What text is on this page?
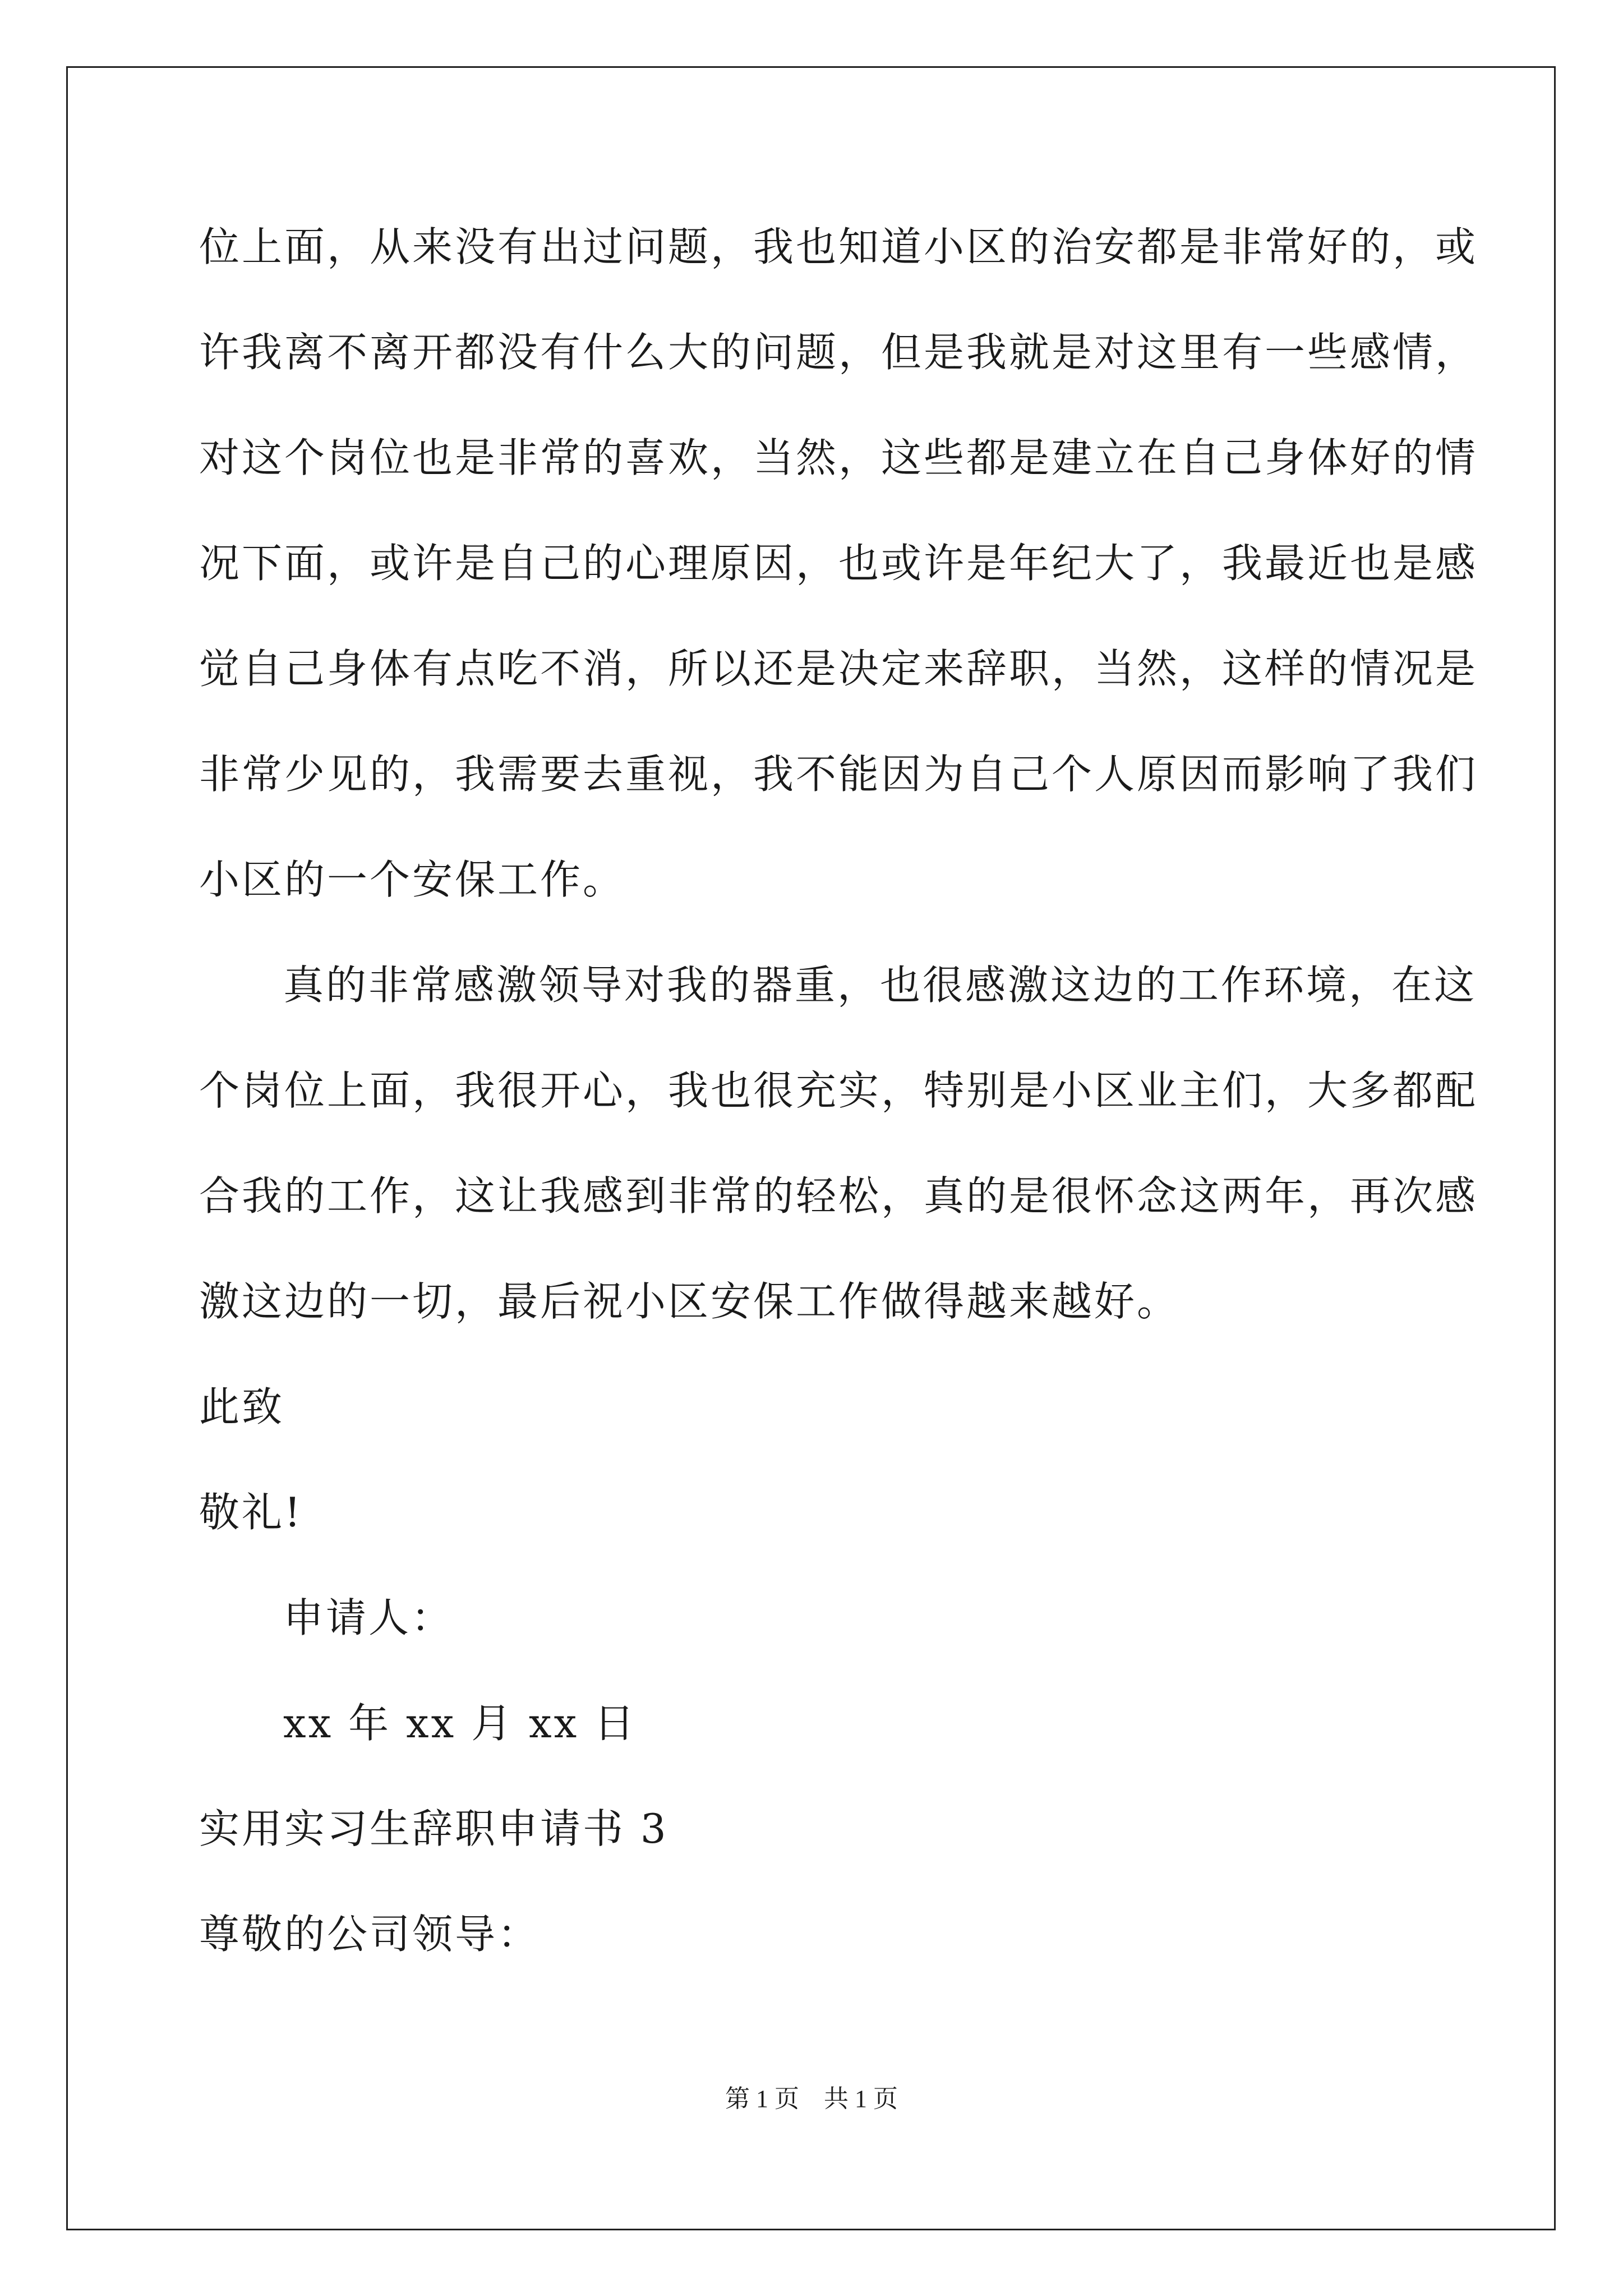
位上面，从来没有出过问题，我也知道小区的治安都是非常好的，或
许我离不离开都没有什么大的问题，但是我就是对这里有一些感情，
对这个岗位也是非常的喜欢，当然，这些都是建立在自己身体好的情
况下面，或许是自己的心理原因，也或许是年纪大了，我最近也是感
觉自己身体有点吃不消，所以还是决定来辞职，当然，这样的情况是
非常少见的，我需要去重视，我不能因为自己个人原因而影响了我们
小区的一个安保工作。
真的非常感激领导对我的器重，也很感激这边的工作环境，在这
个岗位上面，我很开心，我也很充实，特别是小区业主们，大多都配
合我的工作，这让我感到非常的轻松，真的是很怀念这两年，再次感
激这边的一切，最后祝小区安保工作做得越来越好。
此致
敬礼!
申请人：
xx 年 xx 月 xx 日
实用实习生辞职申请书 3
尊敬的公司领导：
第 1 页    共 1 页
